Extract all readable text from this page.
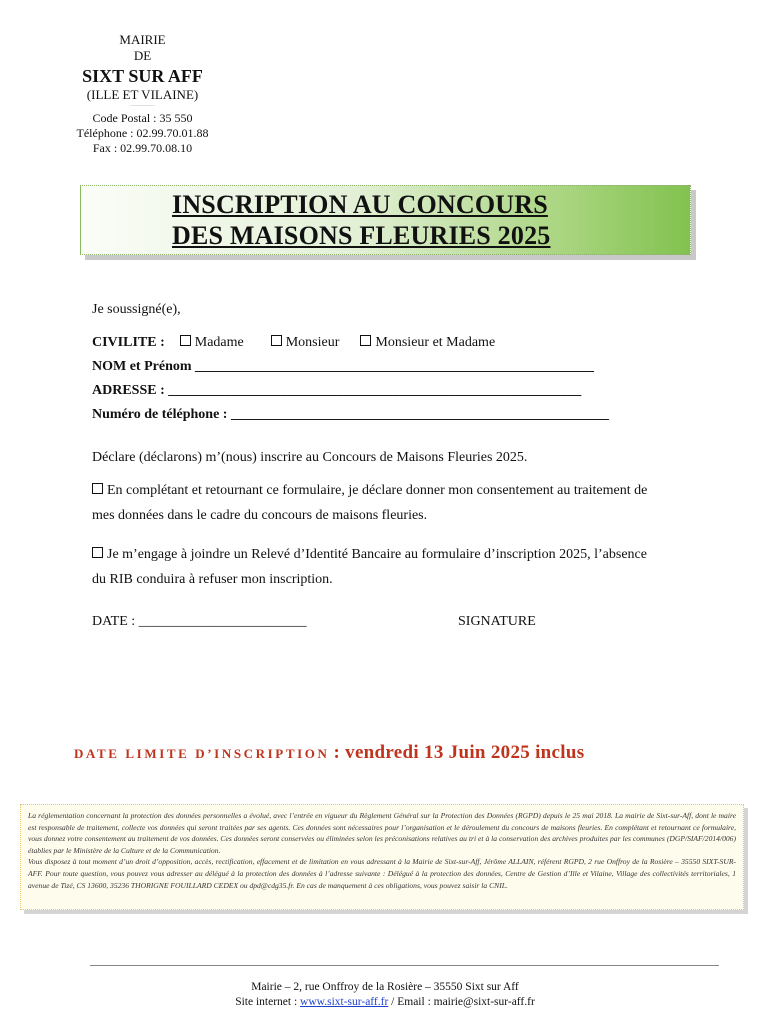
MAIRIE
DE
SIXT SUR AFF
(ILLE ET VILAINE)
—————
Code Postal : 35 550
Téléphone : 02.99.70.01.88
Fax : 02.99.70.08.10
INSCRIPTION AU CONCOURS
DES MAISONS FLEURIES 2025
Je soussigné(e),
CIVILITE : Madame	Monsieur	Monsieur et Madame
NOM et Prénom _________________________________________________________
ADRESSE : ___________________________________________________________
Numéro de téléphone : ______________________________________________________
Déclare (déclarons) m’(nous) inscrire au Concours de Maisons Fleuries 2025.
En complétant et retournant ce formulaire, je déclare donner mon consentement au traitement de
mes données dans le cadre du concours de maisons fleuries.
Je m’engage à joindre un Relevé d’Identité Bancaire au formulaire d’inscription 2025, l’absence
du RIB conduira à refuser mon inscription.
DATE : ________________________	SIGNATURE
DATE LIMITE D’INSCRIPTION : vendredi 13 Juin 2025 inclus
La réglementation concernant la protection des données personnelles a évolué, avec l’entrée en vigueur du Règlement Général sur la Protection des Données (RGPD) depuis le 25 mai 2018. La mairie de Sixt-sur-Aff, dont le maire est responsable de traitement, collecte vos données qui seront traitées par ses agents. Ces données sont nécessaires pour l’organisation et le déroulement du concours de maisons fleuries. En complétant et retournant ce formulaire, vous donnez votre consentement au traitement de vos données. Ces données seront conservées ou éliminées selon les préconisations relatives au tri et à la conservation des archives produites par les communes (DGP/SIAF/2014/006) établies par le Ministère de la Culture et de la Communication.
Vous disposez à tout moment d’un droit d’opposition, accès, rectification, effacement et de limitation en vous adressant à la Mairie de Sixt-sur-Aff, Jérôme ALLAIN, référent RGPD, 2 rue Onffroy de la Rosière – 35550 SIXT-SUR-AFF. Pour toute question, vous pouvez vous adresser au délégué à la protection des données à l’adresse suivante : Délégué à la protection des données, Centre de Gestion d’Ille et Vilaine, Village des collectivités territoriales, 1 avenue de Tizé, CS 13600, 35236 THORIGNE FOUILLARD CEDEX ou dpd@cdg35.fr. En cas de manquement à ces obligations, vous pouvez saisir la CNIL.
Mairie – 2, rue Onffroy de la Rosière – 35550 Sixt sur Aff
Site internet : www.sixt-sur-aff.fr / Email : mairie@sixt-sur-aff.fr
